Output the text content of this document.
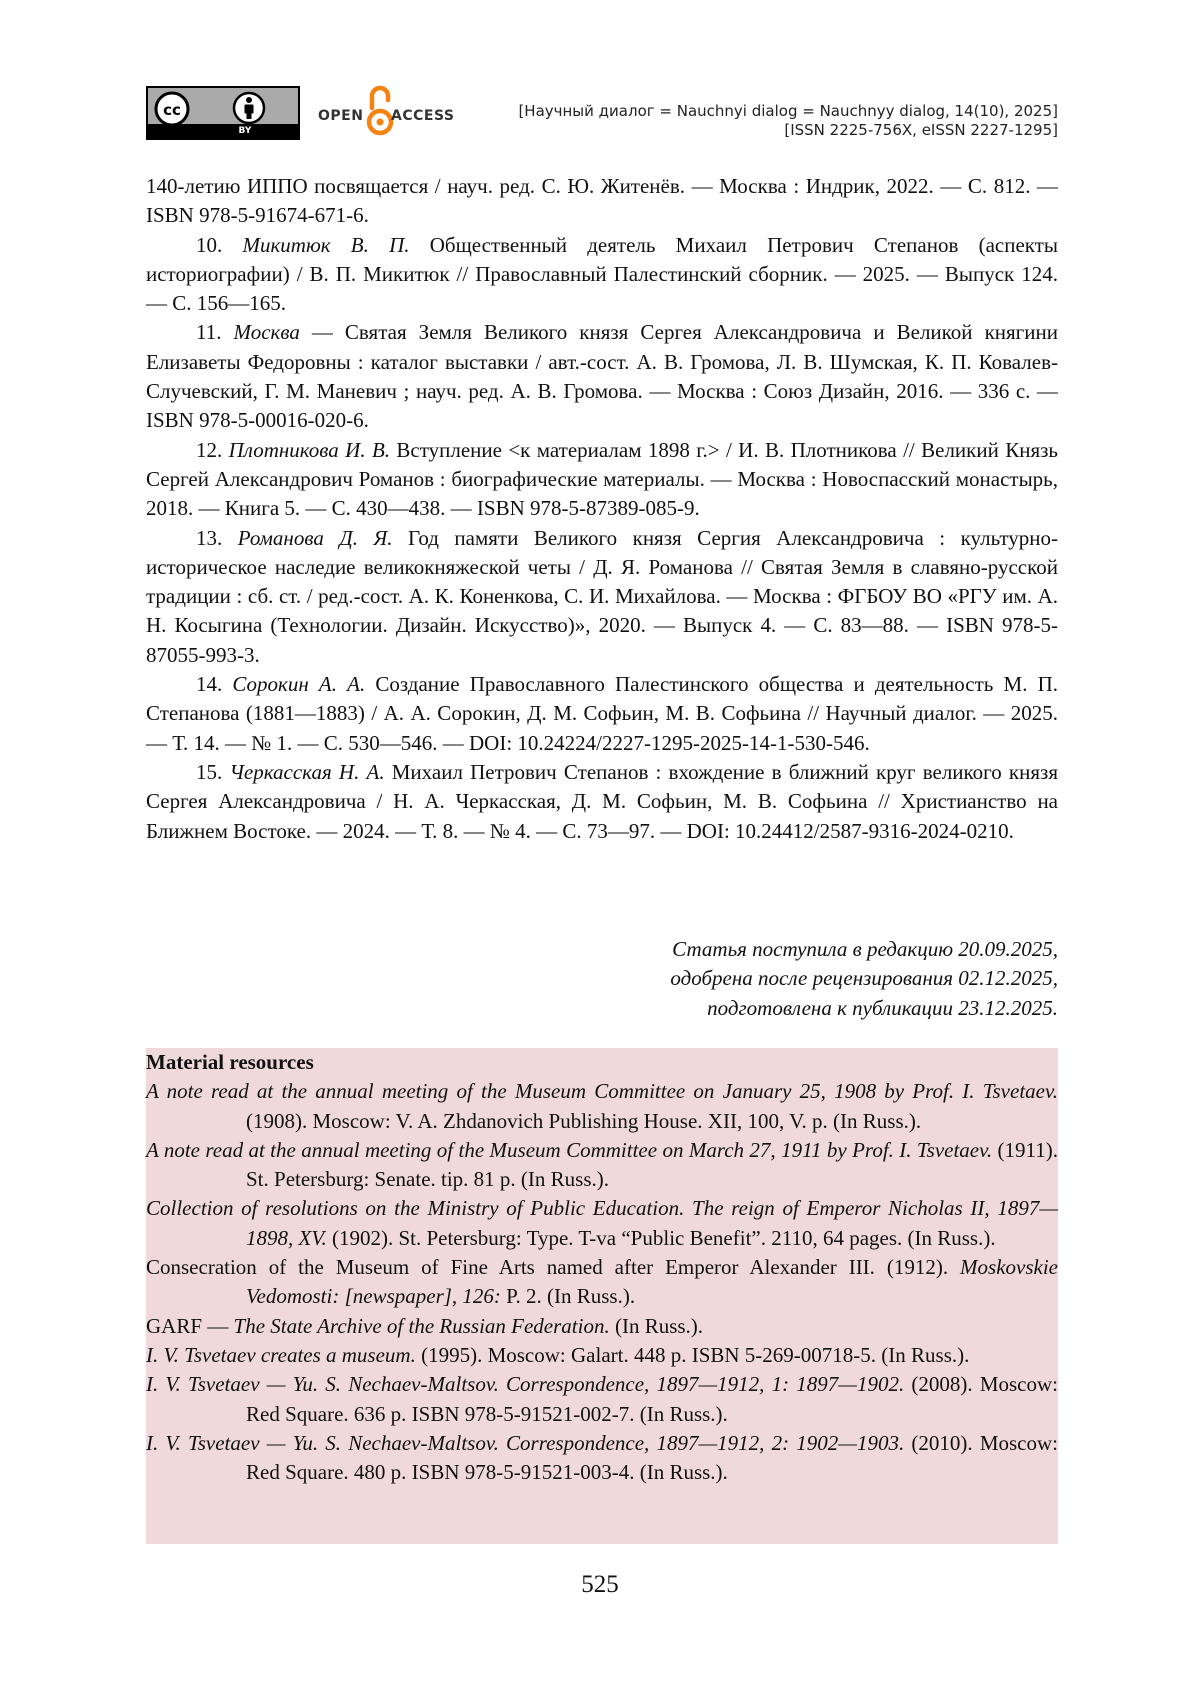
cc
BY
OPEN ACCESS	[Научный диалог = Nauchnyi dialog = Nauchnyy dialog, 14(10), 2025]
[ISSN 2225-756X, eISSN 2227-1295]

140-летию ИППО посвящается / науч. ред. С. Ю. Житенёв. — Москва : Индрик, 2022. — С. 812. — ISBN 978-5-91674-671-6.

10. Микитюк В. П. Общественный деятель Михаил Петрович Степанов (аспекты историографии) / В. П. Микитюк // Православный Палестинский сборник. — 2025. — Выпуск 124. — С. 156—165.

11. Москва — Святая Земля Великого князя Сергея Александровича и Великой княгини Елизаветы Федоровны : каталог выставки / авт.-сост. А. В. Громова, Л. В. Шумская, К. П. Ковалев-Случевский, Г. М. Маневич ; науч. ред. А. В. Громова. — Москва : Союз Дизайн, 2016. — 336 с. — ISBN 978-5-00016-020-6.

12. Плотникова И. В. Вступление <к материалам 1898 г.> / И. В. Плотникова // Великий Князь Сергей Александрович Романов : биографические материалы. — Москва : Новоспасский монастырь, 2018. — Книга 5. — С. 430—438. — ISBN 978-5-87389-085-9.

13. Романова Д. Я. Год памяти Великого князя Сергия Александровича : культурно-историческое наследие великокняжеской четы / Д. Я. Романова // Святая Земля в славяно-русской традиции : сб. ст. / ред.-сост. А. К. Коненкова, С. И. Михайлова. — Москва : ФГБОУ ВО «РГУ им. А. Н. Косыгина (Технологии. Дизайн. Искусство)», 2020. — Выпуск 4. — С. 83—88. — ISBN 978-5-87055-993-3.

14. Сорокин А. А. Создание Православного Палестинского общества и деятельность М. П. Степанова (1881—1883) / А. А. Сорокин, Д. М. Софьин, М. В. Софьина // Научный диалог. — 2025. — Т. 14. — № 1. — С. 530—546. — DOI: 10.24224/2227-1295-2025-14-1-530-546.

15. Черкасская Н. А. Михаил Петрович Степанов : вхождение в ближний круг великого князя Сергея Александровича / Н. А. Черкасская, Д. М. Софьин, М. В. Софьина // Христианство на Ближнем Востоке. — 2024. — Т. 8. — № 4. — С. 73—97. — DOI: 10.24412/2587-9316-2024-0210.

Статья поступила в редакцию 20.09.2025,
одобрена после рецензирования 02.12.2025,
подготовлена к публикации 23.12.2025.

Material resources

A note read at the annual meeting of the Museum Committee on January 25, 1908 by Prof. I. Tsvetaev. (1908). Moscow: V. A. Zhdanovich Publishing House. XII, 100, V. p. (In Russ.).

A note read at the annual meeting of the Museum Committee on March 27, 1911 by Prof. I. Tsvetaev. (1911). St. Petersburg: Senate. tip. 81 p. (In Russ.).

Collection of resolutions on the Ministry of Public Education. The reign of Emperor Nicholas II, 1897—1898, XV. (1902). St. Petersburg: Type. T-va “Public Benefit”. 2110, 64 pages. (In Russ.).

Consecration of the Museum of Fine Arts named after Emperor Alexander III. (1912). Moskovskie Vedomosti: [newspaper], 126: P. 2. (In Russ.).

GARF — The State Archive of the Russian Federation. (In Russ.).

I. V. Tsvetaev creates a museum. (1995). Moscow: Galart. 448 p. ISBN 5-269-00718-5. (In Russ.).

I. V. Tsvetaev — Yu. S. Nechaev-Maltsov. Correspondence, 1897—1912, 1: 1897—1902. (2008). Moscow: Red Square. 636 p. ISBN 978-5-91521-002-7. (In Russ.).

I. V. Tsvetaev — Yu. S. Nechaev-Maltsov. Correspondence, 1897—1912, 2: 1902—1903. (2010). Moscow: Red Square. 480 p. ISBN 978-5-91521-003-4. (In Russ.).

525
